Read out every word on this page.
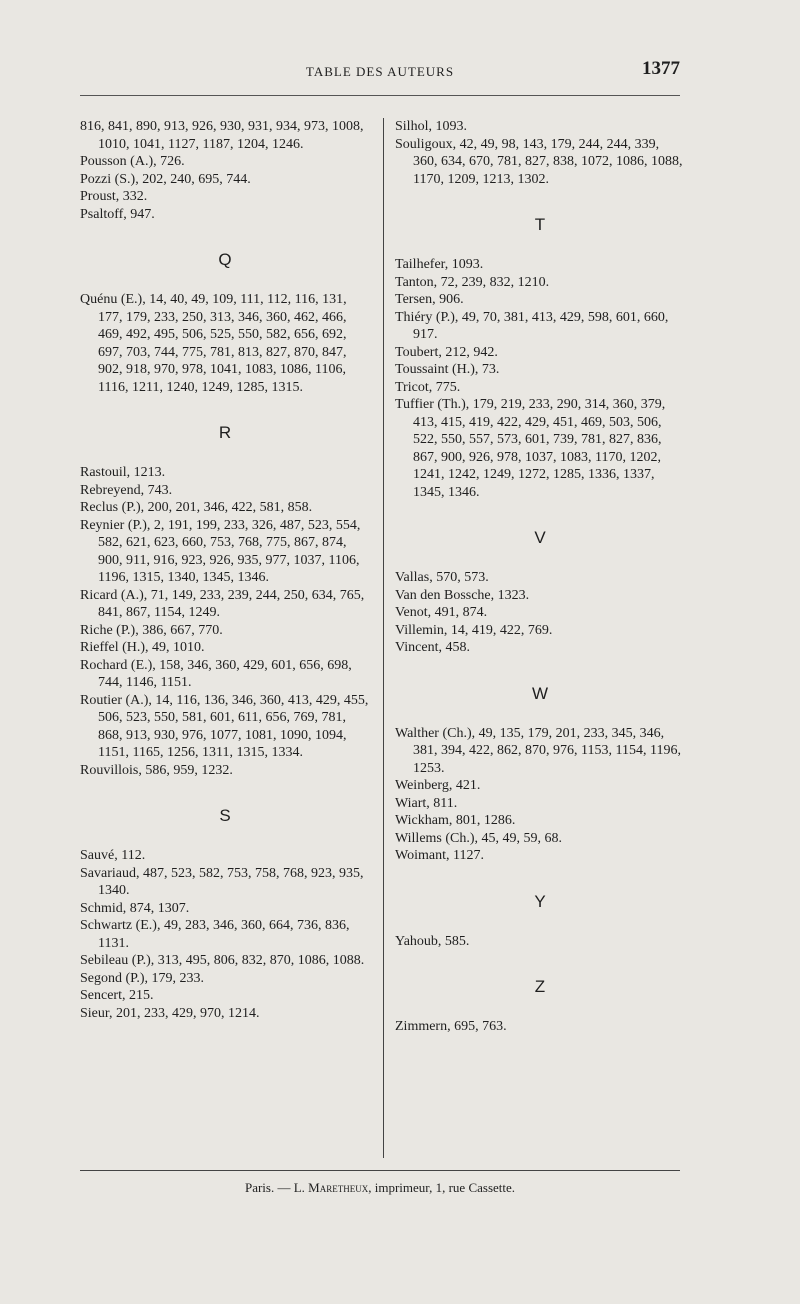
TABLE DES AUTEURS	1377
816, 841, 890, 913, 926, 930, 931, 934, 973, 1008, 1010, 1041, 1127, 1187, 1204, 1246.
Pousson (A.), 726.
Pozzi (S.), 202, 240, 695, 744.
Proust, 332.
Psaltoff, 947.
Q
Quénu (E.), 14, 40, 49, 109, 111, 112, 116, 131, 177, 179, 233, 250, 313, 346, 360, 462, 466, 469, 492, 495, 506, 525, 550, 582, 656, 692, 697, 703, 744, 775, 781, 813, 827, 870, 847, 902, 918, 970, 978, 1041, 1083, 1086, 1106, 1116, 1211, 1240, 1249, 1285, 1315.
R
Rastouil, 1213.
Rebreyend, 743.
Reclus (P.), 200, 201, 346, 422, 581, 858.
Reynier (P.), 2, 191, 199, 233, 326, 487, 523, 554, 582, 621, 623, 660, 753, 768, 775, 867, 874, 900, 911, 916, 923, 926, 935, 977, 1037, 1106, 1196, 1315, 1340, 1345, 1346.
Ricard (A.), 71, 149, 233, 239, 244, 250, 634, 765, 841, 867, 1154, 1249.
Riche (P.), 386, 667, 770.
Rieffel (H.), 49, 1010.
Rochard (E.), 158, 346, 360, 429, 601, 656, 698, 744, 1146, 1151.
Routier (A.), 14, 116, 136, 346, 360, 413, 429, 455, 506, 523, 550, 581, 601, 611, 656, 769, 781, 868, 913, 930, 976, 1077, 1081, 1090, 1094, 1151, 1165, 1256, 1311, 1315, 1334.
Rouvillois, 586, 959, 1232.
S
Sauvé, 112.
Savariaud, 487, 523, 582, 753, 758, 768, 923, 935, 1340.
Schmid, 874, 1307.
Schwartz (E.), 49, 283, 346, 360, 664, 736, 836, 1131.
Sebileau (P.), 313, 495, 806, 832, 870, 1086, 1088.
Segond (P.), 179, 233.
Sencert, 215.
Sieur, 201, 233, 429, 970, 1214.
Silhol, 1093.
Souligoux, 42, 49, 98, 143, 179, 244, 244, 339, 360, 634, 670, 781, 827, 838, 1072, 1086, 1088, 1170, 1209, 1213, 1302.
T
Tailhefer, 1093.
Tanton, 72, 239, 832, 1210.
Tersen, 906.
Thiéry (P.), 49, 70, 381, 413, 429, 598, 601, 660, 917.
Toubert, 212, 942.
Toussaint (H.), 73.
Tricot, 775.
Tuffier (Th.), 179, 219, 233, 290, 314, 360, 379, 413, 415, 419, 422, 429, 451, 469, 503, 506, 522, 550, 557, 573, 601, 739, 781, 827, 836, 867, 900, 926, 978, 1037, 1083, 1170, 1202, 1241, 1242, 1249, 1272, 1285, 1336, 1337, 1345, 1346.
V
Vallas, 570, 573.
Van den Bossche, 1323.
Venot, 491, 874.
Villemin, 14, 419, 422, 769.
Vincent, 458.
W
Walther (Ch.), 49, 135, 179, 201, 233, 345, 346, 381, 394, 422, 862, 870, 976, 1153, 1154, 1196, 1253.
Weinberg, 421.
Wiart, 811.
Wickham, 801, 1286.
Willems (Ch.), 45, 49, 59, 68.
Woimant, 1127.
Y
Yahoub, 585.
Z
Zimmern, 695, 763.
Paris. — L. Maretheux, imprimeur, 1, rue Cassette.
